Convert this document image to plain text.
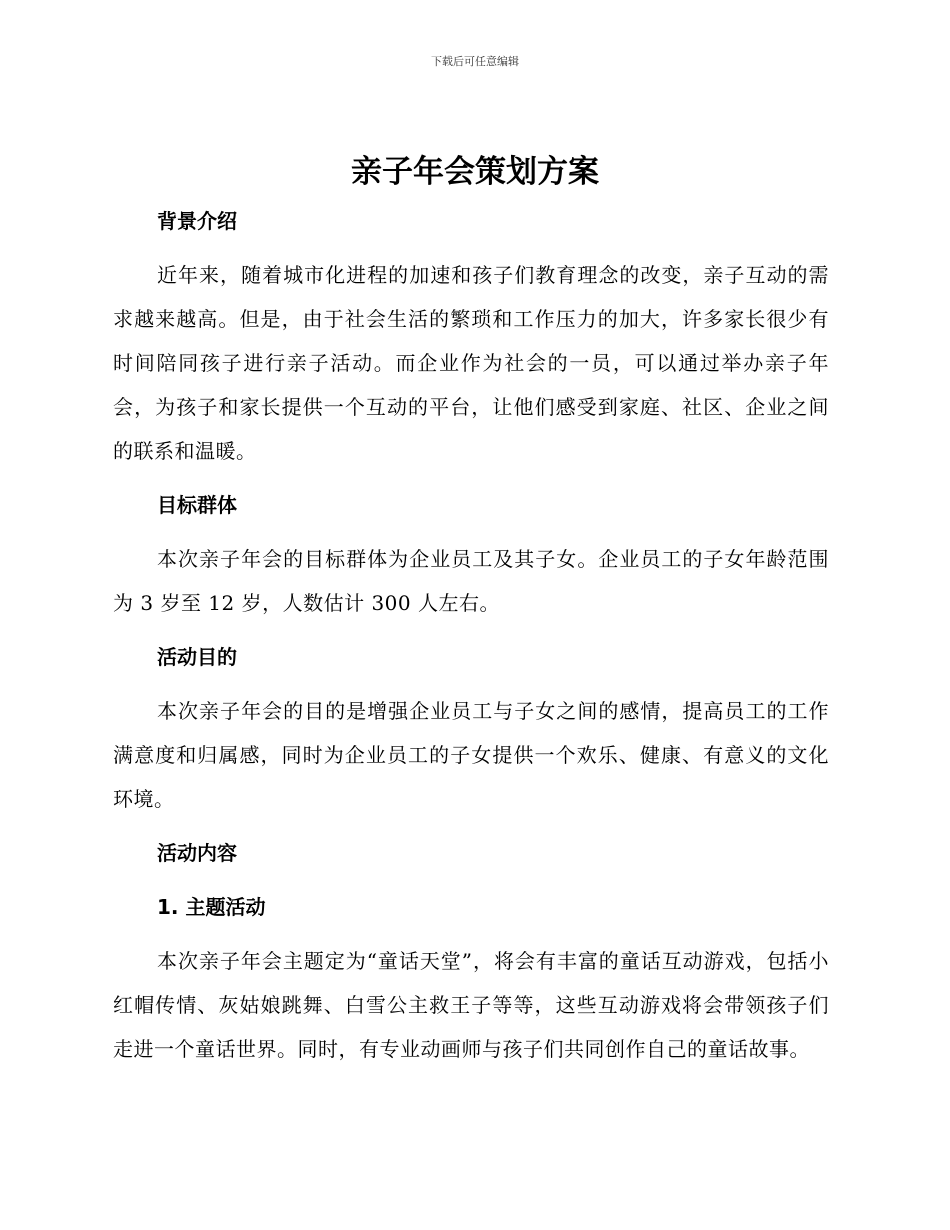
下载后可任意编辑
亲子年会策划方案
背景介绍

近年来，随着城市化进程的加速和孩子们教育理念的改变，亲子互动的需求越来越高。但是，由于社会生活的繁琐和工作压力的加大，许多家长很少有时间陪同孩子进行亲子活动。而企业作为社会的一员，可以通过举办亲子年会，为孩子和家长提供一个互动的平台，让他们感受到家庭、社区、企业之间的联系和温暖。

目标群体

本次亲子年会的目标群体为企业员工及其子女。企业员工的子女年龄范围为 3 岁至 12 岁，人数估计 300 人左右。

活动目的

本次亲子年会的目的是增强企业员工与子女之间的感情，提高员工的工作满意度和归属感，同时为企业员工的子女提供一个欢乐、健康、有意义的文化环境。

活动内容
1. 主题活动

本次亲子年会主题定为“童话天堂”，将会有丰富的童话互动游戏，包括小红帽传情、灰姑娘跳舞、白雪公主救王子等等，这些互动游戏将会带领孩子们走进一个童话世界。同时，有专业动画师与孩子们共同创作自己的童话故事。
